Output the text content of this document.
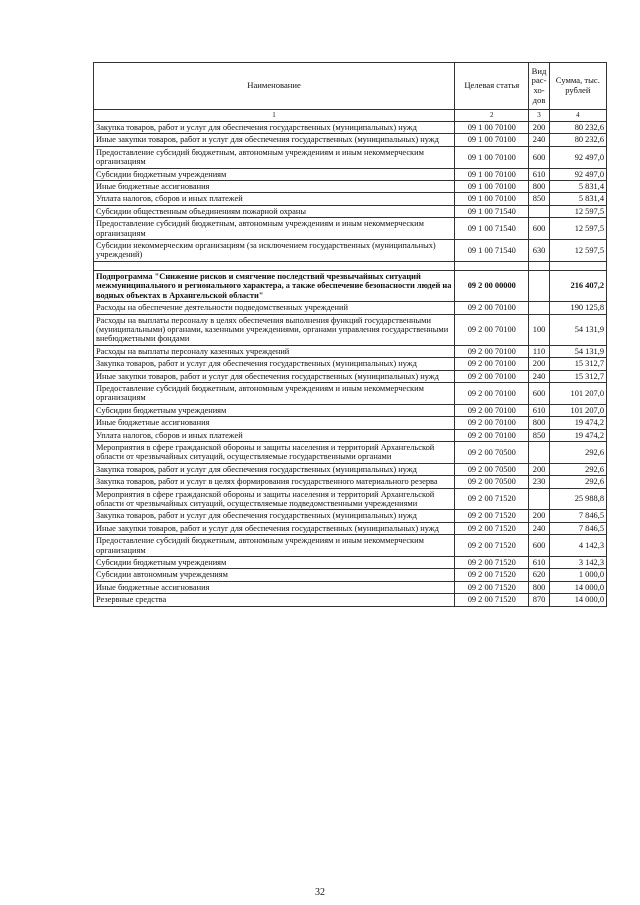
Наименование	Целевая статья	Вид рас- хо- дов	Сумма, тыс. рублей
1	2	3	4
Закупка товаров, работ и услуг для обеспечения государственных (муниципальных) нужд	09 1 00 70100	200	80 232,6
Иные закупки товаров, работ и услуг для обеспечения государственных (муниципальных) нужд	09 1 00 70100	240	80 232,6
Предоставление субсидий бюджетным, автономным учреждениям и иным некоммерческим организациям	09 1 00 70100	600	92 497,0
Субсидии бюджетным учреждениям	09 1 00 70100	610	92 497,0
Иные бюджетные ассигнования	09 1 00 70100	800	5 831,4
Уплата налогов, сборов и иных платежей	09 1 00 70100	850	5 831,4
Субсидии общественным объединениям пожарной охраны	09 1 00 71540		12 597,5
Предоставление субсидий бюджетным, автономным учреждениям и иным некоммерческим организациям	09 1 00 71540	600	12 597,5
Субсидии некоммерческим организациям (за исключением государственных (муниципальных) учреждений)	09 1 00 71540	630	12 597,5

Подпрограмма "Снижение рисков и смягчение последствий чрезвычайных ситуаций межмуниципального и регионального характера, а также обеспечение безопасности людей на водных объектах в Архангельской области"	09 2 00 00000		216 407,2
Расходы на обеспечение деятельности подведомственных учреждений	09 2 00 70100		190 125,8
Расходы на выплаты персоналу в целях обеспечения выполнения функций государственными (муниципальными) органами, казенными учреждениями, органами управления государственными внебюджетными фондами	09 2 00 70100	100	54 131,9
Расходы на выплаты персоналу казенных учреждений	09 2 00 70100	110	54 131,9
Закупка товаров, работ и услуг для обеспечения государственных (муниципальных) нужд	09 2 00 70100	200	15 312,7
Иные закупки товаров, работ и услуг для обеспечения государственных (муниципальных) нужд	09 2 00 70100	240	15 312,7
Предоставление субсидий бюджетным, автономным учреждениям и иным некоммерческим организациям	09 2 00 70100	600	101 207,0
Субсидии бюджетным учреждениям	09 2 00 70100	610	101 207,0
Иные бюджетные ассигнования	09 2 00 70100	800	19 474,2
Уплата налогов, сборов и иных платежей	09 2 00 70100	850	19 474,2
Мероприятия в сфере гражданской обороны и защиты населения и территорий Архангельской области от чрезвычайных ситуаций, осуществляемые государственными органами	09 2 00 70500		292,6
Закупка товаров, работ и услуг для обеспечения государственных (муниципальных) нужд	09 2 00 70500	200	292,6
Закупка товаров, работ и услуг в целях формирования государственного материального резерва	09 2 00 70500	230	292,6
Мероприятия в сфере гражданской обороны и защиты населения и территорий Архангельской области от чрезвычайных ситуаций, осуществляемые подведомственными учреждениями	09 2 00 71520		25 988,8
Закупка товаров, работ и услуг для обеспечения государственных (муниципальных) нужд	09 2 00 71520	200	7 846,5
Иные закупки товаров, работ и услуг для обеспечения государственных (муниципальных) нужд	09 2 00 71520	240	7 846,5
Предоставление субсидий бюджетным, автономным учреждениям и иным некоммерческим организациям	09 2 00 71520	600	4 142,3
Субсидии бюджетным учреждениям	09 2 00 71520	610	3 142,3
Субсидии автономным учреждениям	09 2 00 71520	620	1 000,0
Иные бюджетные ассигнования	09 2 00 71520	800	14 000,0
Резервные средства	09 2 00 71520	870	14 000,0
32
